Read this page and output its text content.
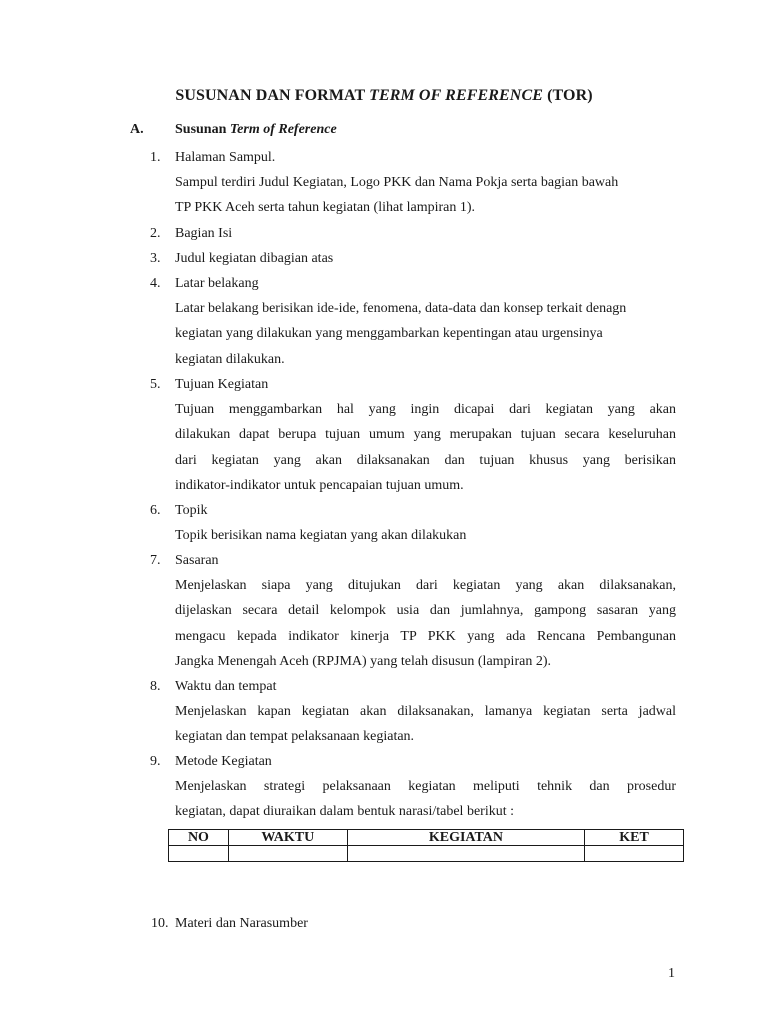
SUSUNAN DAN FORMAT TERM OF REFERENCE (TOR)
A. Susunan Term of Reference
1.	Halaman Sampul.
Sampul terdiri Judul Kegiatan, Logo PKK dan Nama Pokja serta bagian bawah
TP PKK Aceh serta tahun kegiatan (lihat lampiran 1).
2.	Bagian Isi
3.	Judul kegiatan dibagian atas
4.	Latar belakang
Latar belakang berisikan ide-ide, fenomena, data-data dan konsep terkait denagn
kegiatan yang dilakukan yang menggambarkan kepentingan atau urgensinya
kegiatan dilakukan.
5.	Tujuan Kegiatan
Tujuan menggambarkan hal yang ingin dicapai dari kegiatan yang akan
dilakukan dapat berupa tujuan umum yang merupakan tujuan secara keseluruhan
dari kegiatan yang akan dilaksanakan dan tujuan khusus yang berisikan
indikator-indikator untuk pencapaian tujuan umum.
6.	Topik
Topik berisikan nama kegiatan yang akan dilakukan
7.	Sasaran
Menjelaskan siapa yang ditujukan dari kegiatan yang akan dilaksanakan,
dijelaskan secara detail kelompok usia dan jumlahnya, gampong sasaran yang
mengacu kepada indikator kinerja TP PKK yang ada Rencana Pembangunan
Jangka Menengah Aceh (RPJMA) yang telah disusun (lampiran 2).
8.	Waktu dan tempat
Menjelaskan kapan kegiatan akan dilaksanakan, lamanya kegiatan serta jadwal
kegiatan dan tempat pelaksanaan kegiatan.
9.	Metode Kegiatan
Menjelaskan strategi pelaksanaan kegiatan meliputi tehnik dan prosedur
kegiatan, dapat diuraikan dalam bentuk narasi/tabel berikut :
NO	WAKTU	KEGIATAN	KET

10. Materi dan Narasumber
1
